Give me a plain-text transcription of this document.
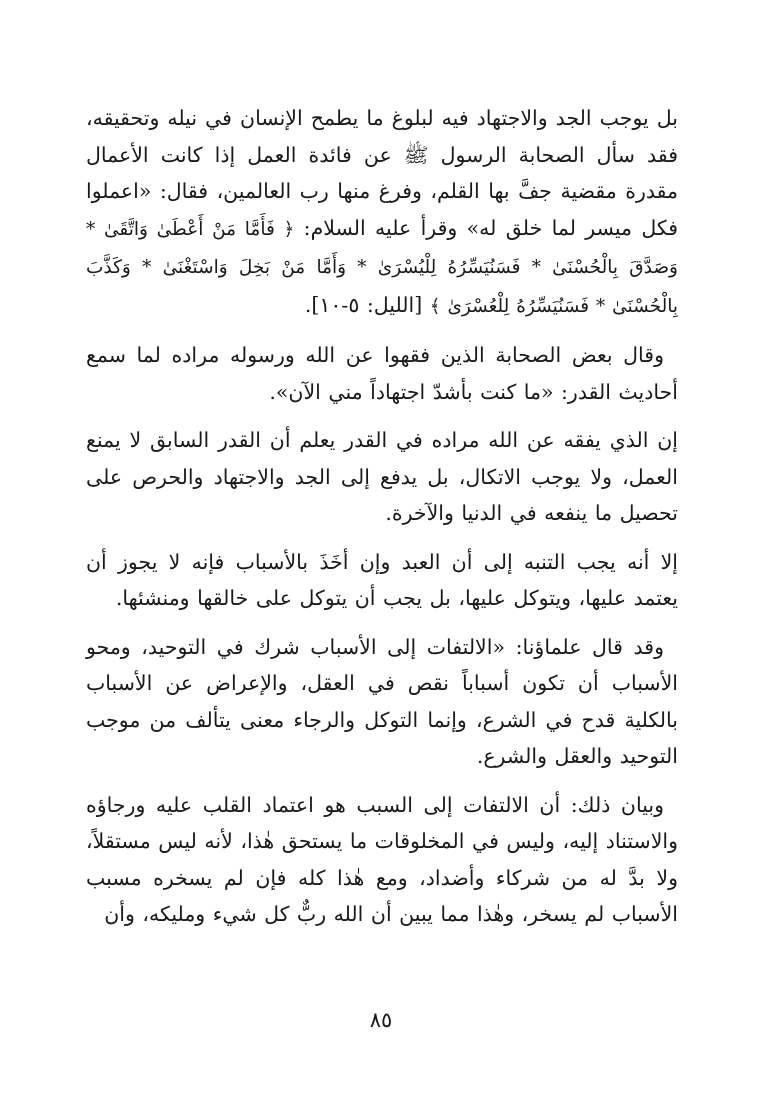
بل يوجب الجد والاجتهاد فيه لبلوغ ما يطمح الإنسان في نيله وتحقيقه، فقد سأل الصحابة الرسول ﷺ عن فائدة العمل إذا كانت الأعمال مقدرة مقضية جفَّ بها القلم، وفرغ منها رب العالمين، فقال: «اعملوا فكل ميسر لما خلق له» وقرأ عليه السلام: ﴿ فَأَمَّا مَنْ أَعْطَىٰ وَاتَّقَىٰ * وَصَدَّقَ بِالْحُسْنَىٰ * فَسَنُيَسِّرُهُ لِلْيُسْرَىٰ * وَأَمَّا مَنْ بَخِلَ وَاسْتَغْنَىٰ * وَكَذَّبَ بِالْحُسْنَىٰ * فَسَنُيَسِّرُهُ لِلْعُسْرَىٰ ﴾ [الليل: ٥-١٠].

وقال بعض الصحابة الذين فقهوا عن الله ورسوله مراده لما سمع أحاديث القدر: «ما كنت بأشدّ اجتهاداً مني الآن».

إن الذي يفقه عن الله مراده في القدر يعلم أن القدر السابق لا يمنع العمل، ولا يوجب الاتكال، بل يدفع إلى الجد والاجتهاد والحرص على تحصيل ما ينفعه في الدنيا والآخرة.

إلا أنه يجب التنبه إلى أن العبد وإن أخَذَ بالأسباب فإنه لا يجوز أن يعتمد عليها، ويتوكل عليها، بل يجب أن يتوكل على خالقها ومنشئها.

وقد قال علماؤنا: «الالتفات إلى الأسباب شرك في التوحيد، ومحو الأسباب أن تكون أسباباً نقص في العقل، والإعراض عن الأسباب بالكلية قدح في الشرع، وإنما التوكل والرجاء معنى يتألف من موجب التوحيد والعقل والشرع.

وبيان ذلك: أن الالتفات إلى السبب هو اعتماد القلب عليه ورجاؤه والاستناد إليه، وليس في المخلوقات ما يستحق هٰذا، لأنه ليس مستقلاً، ولا بدَّ له من شركاء وأضداد، ومع هٰذا كله فإن لم يسخره مسبب الأسباب لم يسخر، وهٰذا مما يبين أن الله ربٌّ كل شيء ومليكه، وأن

٨٥
